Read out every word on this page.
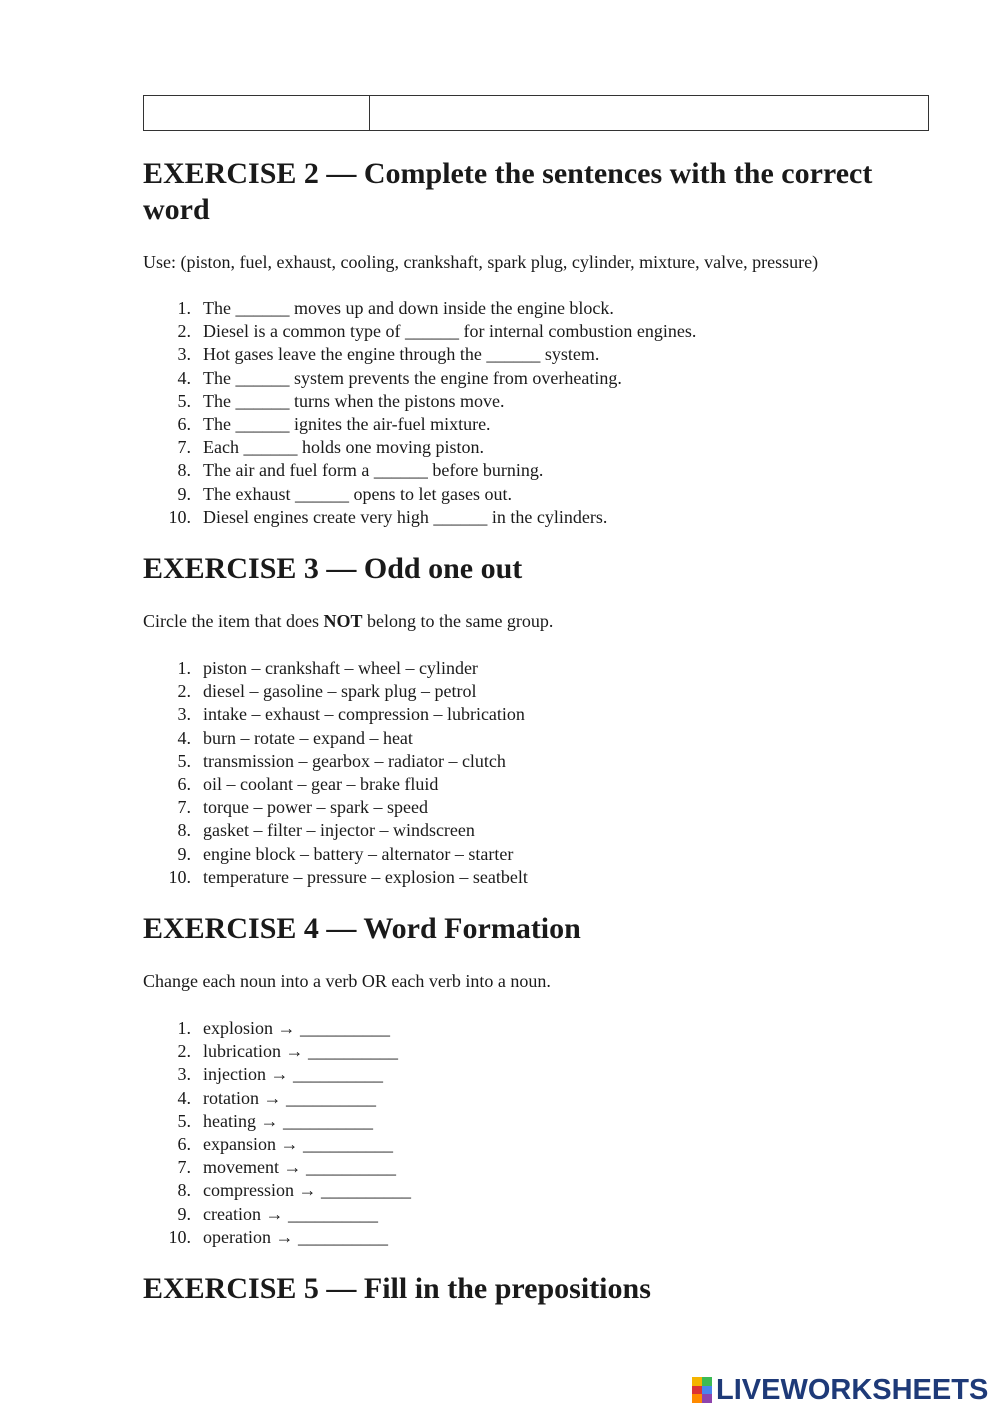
EXERCISE 2 — Complete the sentences with the correct
word

Use: (piston, fuel, exhaust, cooling, crankshaft, spark plug, cylinder, mixture, valve, pressure)

1. The ______ moves up and down inside the engine block.
2. Diesel is a common type of ______ for internal combustion engines.
3. Hot gases leave the engine through the ______ system.
4. The ______ system prevents the engine from overheating.
5. The ______ turns when the pistons move.
6. The ______ ignites the air-fuel mixture.
7. Each ______ holds one moving piston.
8. The air and fuel form a ______ before burning.
9. The exhaust ______ opens to let gases out.
10. Diesel engines create very high ______ in the cylinders.
EXERCISE 3 — Odd one out

Circle the item that does NOT belong to the same group.

1. piston – crankshaft – wheel – cylinder
2. diesel – gasoline – spark plug – petrol
3. intake – exhaust – compression – lubrication
4. burn – rotate – expand – heat
5. transmission – gearbox – radiator – clutch
6. oil – coolant – gear – brake fluid
7. torque – power – spark – speed
8. gasket – filter – injector – windscreen
9. engine block – battery – alternator – starter
10. temperature – pressure – explosion – seatbelt
EXERCISE 4 — Word Formation

Change each noun into a verb OR each verb into a noun.

1. explosion → __________
2. lubrication → __________
3. injection → __________
4. rotation → __________
5. heating → __________
6. expansion → __________
7. movement → __________
8. compression → __________
9. creation → __________
10. operation → __________
EXERCISE 5 — Fill in the prepositions
LIVEWORKSHEETS
